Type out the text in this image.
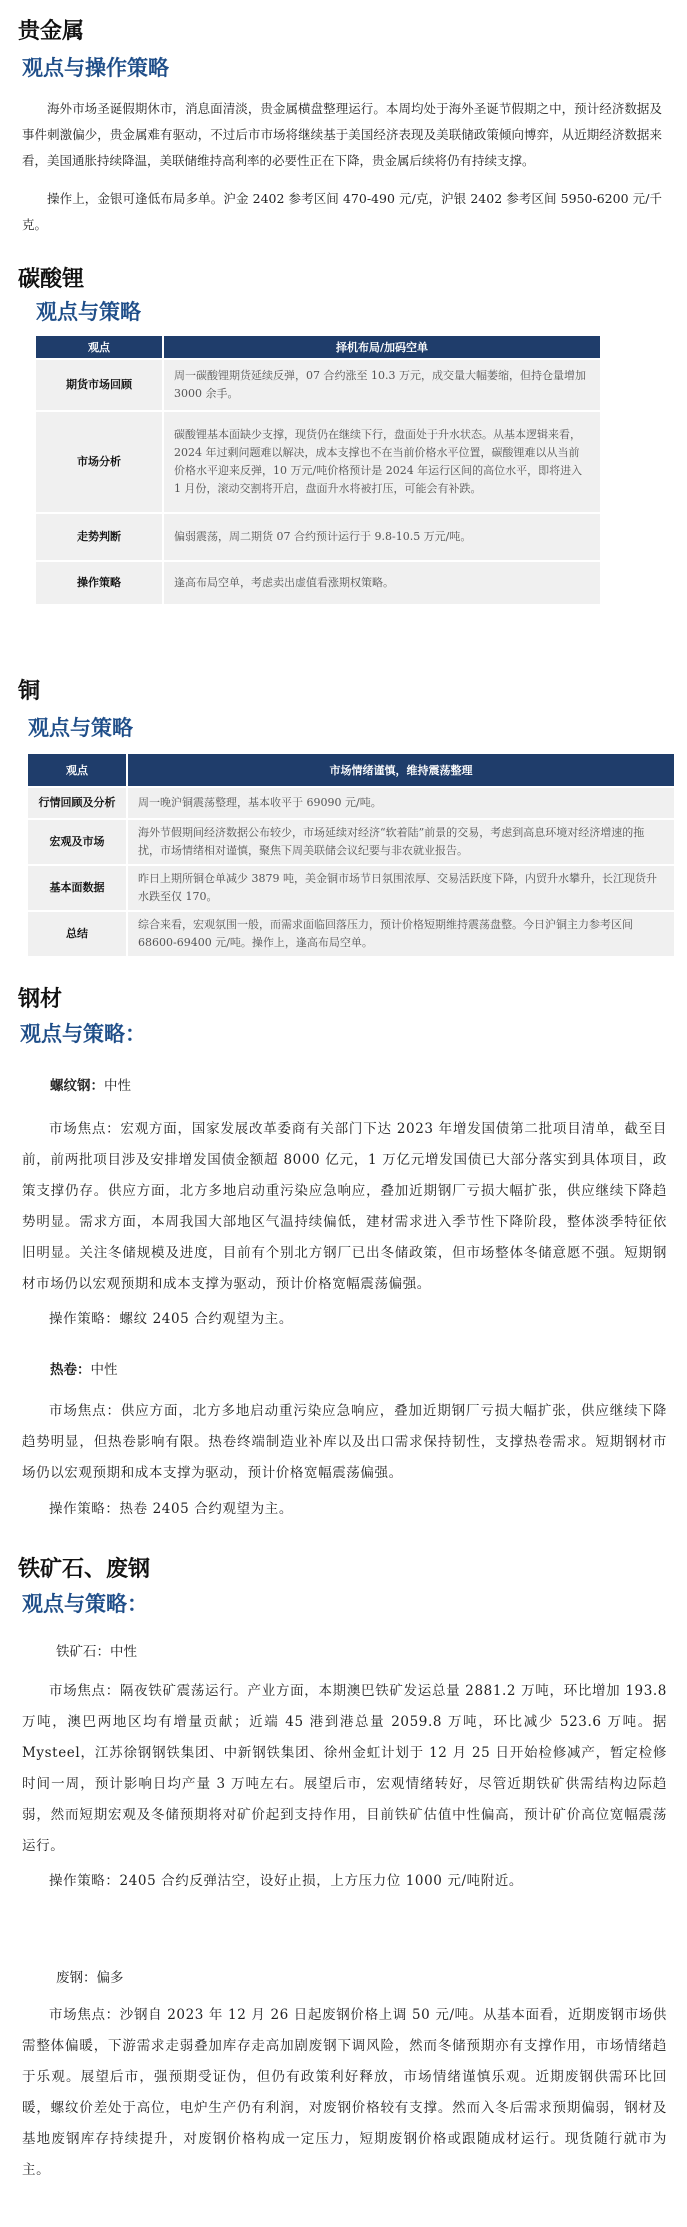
贵金属
观点与操作策略

海外市场圣诞假期休市，消息面清淡，贵金属横盘整理运行。本周均处于海外圣诞节假期之中，预计经济数据及事件刺激偏少，贵金属难有驱动，不过后市市场将继续基于美国经济表现及美联储政策倾向博弈，从近期经济数据来看，美国通胀持续降温，美联储维持高利率的必要性正在下降，贵金属后续将仍有持续支撑。

操作上，金银可逢低布局多单。沪金 2402 参考区间 470-490 元/克，沪银 2402 参考区间 5950-6200 元/千克。

碳酸锂
观点与策略
观点	择机布局/加码空单
期货市场回顾	周一碳酸锂期货延续反弹，07 合约涨至 10.3 万元，成交量大幅萎缩，但持仓量增加 3000 余手。
市场分析	碳酸锂基本面缺少支撑，现货仍在继续下行，盘面处于升水状态。从基本逻辑来看，2024 年过剩问题难以解决，成本支撑也不在当前价格水平位置，碳酸锂难以从当前价格水平迎来反弹，10 万元/吨价格预计是 2024 年运行区间的高位水平，即将进入 1 月份，滚动交割将开启，盘面升水将被打压，可能会有补跌。
走势判断	偏弱震荡，周二期货 07 合约预计运行于 9.8-10.5 万元/吨。
操作策略	逢高布局空单，考虑卖出虚值看涨期权策略。
铜
观点与策略
观点	市场情绪谨慎，维持震荡整理
行情回顾及分析	周一晚沪铜震荡整理，基本收平于 69090 元/吨。
宏观及市场	海外节假期间经济数据公布较少，市场延续对经济“软着陆”前景的交易，考虑到高息环境对经济增速的拖扰，市场情绪相对谨慎，聚焦下周美联储会议纪要与非农就业报告。
基本面数据	昨日上期所铜仓单减少 3879 吨，美金铜市场节日氛围浓厚、交易活跃度下降，内贸升水攀升，长江现货升水跌至仅 170。
总结	综合来看，宏观氛围一般，而需求面临回落压力，预计价格短期维持震荡盘整。今日沪铜主力参考区间 68600-69400 元/吨。操作上，逢高布局空单。
钢材
观点与策略：

螺纹钢：中性

市场焦点：宏观方面，国家发展改革委商有关部门下达 2023 年增发国债第二批项目清单，截至目前，前两批项目涉及安排增发国债金额超 8000 亿元，1 万亿元增发国债已大部分落实到具体项目，政策支撑仍存。供应方面，北方多地启动重污染应急响应，叠加近期钢厂亏损大幅扩张，供应继续下降趋势明显。需求方面，本周我国大部地区气温持续偏低，建材需求进入季节性下降阶段，整体淡季特征依旧明显。关注冬储规模及进度，目前有个别北方钢厂已出冬储政策，但市场整体冬储意愿不强。短期钢材市场仍以宏观预期和成本支撑为驱动，预计价格宽幅震荡偏强。

操作策略：螺纹 2405 合约观望为主。

热卷：中性

市场焦点：供应方面，北方多地启动重污染应急响应，叠加近期钢厂亏损大幅扩张，供应继续下降趋势明显，但热卷影响有限。热卷终端制造业补库以及出口需求保持韧性，支撑热卷需求。短期钢材市场仍以宏观预期和成本支撑为驱动，预计价格宽幅震荡偏强。

操作策略：热卷 2405 合约观望为主。

铁矿石、废钢
观点与策略：

铁矿石：中性

市场焦点：隔夜铁矿震荡运行。产业方面，本期澳巴铁矿发运总量 2881.2 万吨，环比增加 193.8 万吨，澳巴两地区均有增量贡献；近端 45 港到港总量 2059.8 万吨，环比减少 523.6 万吨。据 Mysteel，江苏徐钢钢铁集团、中新钢铁集团、徐州金虹计划于 12 月 25 日开始检修减产，暂定检修时间一周，预计影响日均产量 3 万吨左右。展望后市，宏观情绪转好，尽管近期铁矿供需结构边际趋弱，然而短期宏观及冬储预期将对矿价起到支持作用，目前铁矿估值中性偏高，预计矿价高位宽幅震荡运行。

操作策略：2405 合约反弹沽空，设好止损，上方压力位 1000 元/吨附近。

废钢：偏多

市场焦点：沙钢自 2023 年 12 月 26 日起废钢价格上调 50 元/吨。从基本面看，近期废钢市场供需整体偏暖，下游需求走弱叠加库存走高加剧废钢下调风险，然而冬储预期亦有支撑作用，市场情绪趋于乐观。展望后市，强预期受证伪，但仍有政策利好释放，市场情绪谨慎乐观。近期废钢供需环比回暖，螺纹价差处于高位，电炉生产仍有利润，对废钢价格较有支撑。然而入冬后需求预期偏弱，钢材及基地废钢库存持续提升，对废钢价格构成一定压力，短期废钢价格或跟随成材运行。现货随行就市为主。
